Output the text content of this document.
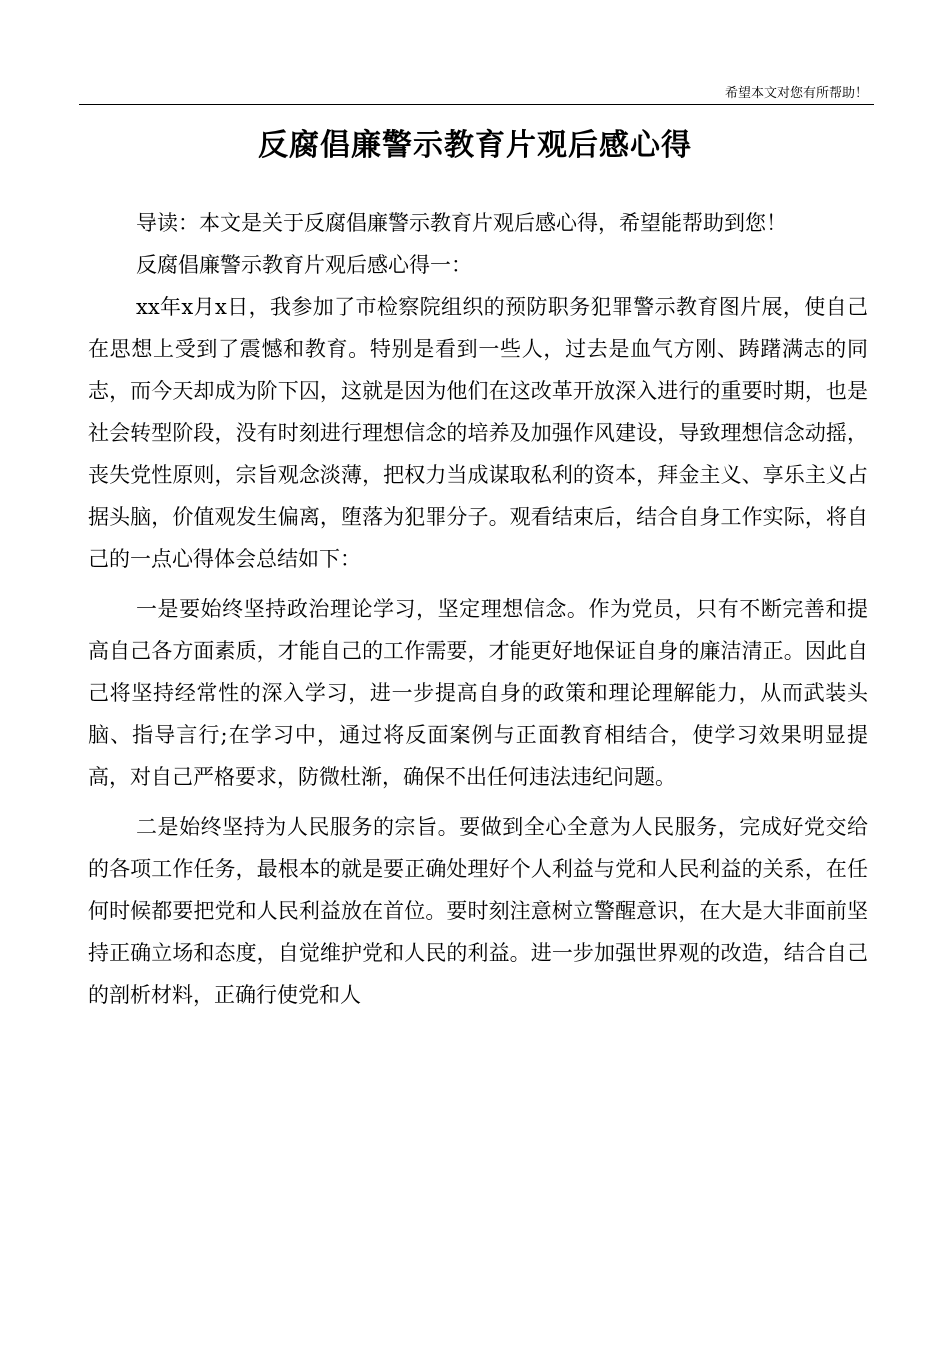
希望本文对您有所帮助！
反腐倡廉警示教育片观后感心得

导读：本文是关于反腐倡廉警示教育片观后感心得，希望能帮助到您！

反腐倡廉警示教育片观后感心得一：

xx年x月x日，我参加了市检察院组织的预防职务犯罪警示教育图片展，使自己在思想上受到了震憾和教育。特别是看到一些人，过去是血气方刚、踌躇满志的同志，而今天却成为阶下囚，这就是因为他们在这改革开放深入进行的重要时期，也是社会转型阶段，没有时刻进行理想信念的培养及加强作风建设，导致理想信念动摇，丧失党性原则，宗旨观念淡薄，把权力当成谋取私利的资本，拜金主义、享乐主义占据头脑，价值观发生偏离，堕落为犯罪分子。观看结束后，结合自身工作实际，将自己的一点心得体会总结如下：

一是要始终坚持政治理论学习，坚定理想信念。作为党员，只有不断完善和提高自己各方面素质，才能自己的工作需要，才能更好地保证自身的廉洁清正。因此自己将坚持经常性的深入学习，进一步提高自身的政策和理论理解能力，从而武装头脑、指导言行;在学习中，通过将反面案例与正面教育相结合，使学习效果明显提高，对自己严格要求，防微杜渐，确保不出任何违法违纪问题。

二是始终坚持为人民服务的宗旨。要做到全心全意为人民服务，完成好党交给的各项工作任务，最根本的就是要正确处理好个人利益与党和人民利益的关系，在任何时候都要把党和人民利益放在首位。要时刻注意树立警醒意识，在大是大非面前坚持正确立场和态度，自觉维护党和人民的利益。进一步加强世界观的改造，结合自己的剖析材料，正确行使党和人
